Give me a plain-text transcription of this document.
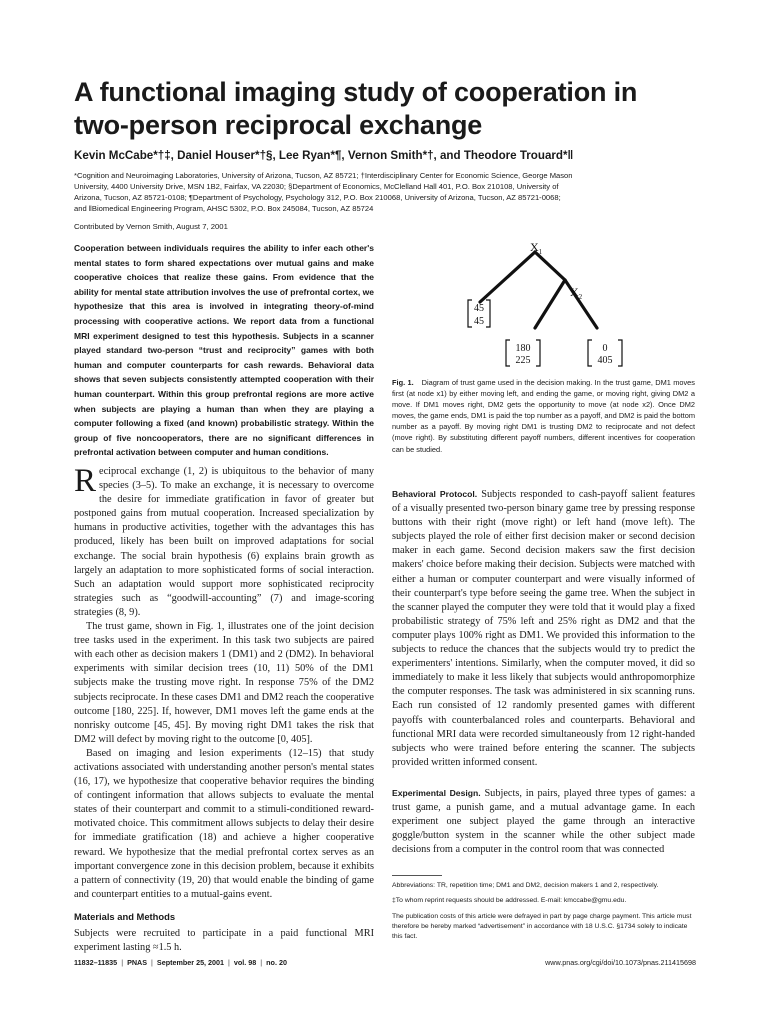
A functional imaging study of cooperation in two-person reciprocal exchange

Kevin McCabe*†‡, Daniel Houser*†§, Lee Ryan*¶, Vernon Smith*†, and Theodore Trouard*‖

*Cognition and Neuroimaging Laboratories, University of Arizona, Tucson, AZ 85721; †Interdisciplinary Center for Economic Science, George Mason

University, 4400 University Drive, MSN 1B2, Fairfax, VA 22030; §Department of Economics, McClelland Hall 401, P.O. Box 210108, University of

Arizona, Tucson, AZ 85721-0108; ¶Department of Psychology, Psychology 312, P.O. Box 210068, University of Arizona, Tucson, AZ 85721-0068;

and ‖Biomedical Engineering Program, AHSC 5302, P.O. Box 245084, Tucson, AZ 85724

Contributed by Vernon Smith, August 7, 2001

Cooperation between individuals requires the ability to infer each other's mental states to form shared expectations over mutual gains and make cooperative choices that realize these gains. From evidence that the ability for mental state attribution involves the use of prefrontal cortex, we hypothesize that this area is involved in integrating theory-of-mind processing with cooperative actions. We report data from a functional MRI experiment designed to test this hypothesis. Subjects in a scanner played standard two-person “trust and reciprocity” games with both human and computer counterparts for cash rewards. Behavioral data shows that seven subjects consistently attempted cooperation with their human counterpart. Within this group prefrontal regions are more active when subjects are playing a human than when they are playing a computer following a fixed (and known) probabilistic strategy. Within the group of five noncooperators, there are no significant differences in prefrontal activation between computer and human conditions.

$X_1$
$X_2$
45
45
180
225
0
405

Fig. 1. Diagram of trust game used in the decision making. In the trust game, DM1 moves first (at node x1) by either moving left, and ending the game, or moving right, giving DM2 a move. If DM1 moves right, DM2 gets the opportunity to move (at node x2). Once DM2 moves, the game ends, DM1 is paid the top number as a payoff, and DM2 is paid the bottom number as a payoff. By moving right DM1 is trusting DM2 to reciprocate and not defect (move right). By substituting different payoff numbers, different incentives for cooperation can be studied.

Reciprocal exchange (1, 2) is ubiquitous to the behavior of many species (3–5). To make an exchange, it is necessary to overcome the desire for immediate gratification in favor of greater but postponed gains from mutual cooperation. Increased specialization by humans in productive activities, together with the advantages this has produced, likely has been built on improved adaptations for social exchange. The social brain hypothesis (6) explains brain growth as largely an adaptation to more sophisticated forms of social interaction. Such an adaptation would support more sophisticated reciprocity strategies such as “goodwill-accounting” (7) and image-scoring strategies (8, 9).

The trust game, shown in Fig. 1, illustrates one of the joint decision tree tasks used in the experiment. In this task two subjects are paired with each other as decision makers 1 (DM1) and 2 (DM2). In behavioral experiments with similar decision trees (10, 11) 50% of the DM1 subjects make the trusting move right. In response 75% of the DM2 subjects reciprocate. In these cases DM1 and DM2 reach the cooperative outcome [180, 225]. If, however, DM1 moves left the game ends at the nonrisky outcome [45, 45]. By moving right DM1 takes the risk that DM2 will defect by moving right to the outcome [0, 405].

Based on imaging and lesion experiments (12–15) that study activations associated with understanding another person's mental states (16, 17), we hypothesize that cooperative behavior requires the binding of contingent information that allows subjects to evaluate the mental states of their counterpart and commit to a stimuli-conditioned reward-motivated choice. This commitment allows subjects to delay their desire for immediate gratification (18) and achieve a higher cooperative reward. We hypothesize that the medial prefrontal cortex serves as an important convergence zone in this decision problem, because it exhibits a pattern of connectivity (19, 20) that would enable the binding of game and counterpart entities to a mutual-gains event.

Materials and Methods

Subjects were recruited to participate in a paid functional MRI experiment lasting ≈1.5 h.

Behavioral Protocol. Subjects responded to cash-payoff salient features of a visually presented two-person binary game tree by pressing response buttons with their right (move right) or left hand (move left). The subjects played the role of either first decision maker or second decision maker in each game. Second decision makers saw the first decision makers' choice before making their decision. Subjects were matched with either a human or computer counterpart and were visually informed of their counterpart's type before seeing the game tree. When the subject in the scanner played the computer they were told that it would play a fixed probabilistic strategy of 75% left and 25% right as DM2 and that the computer plays 100% right as DM1. We provided this information to the subjects to reduce the chances that the subjects would try to predict the experimenters' intentions. Similarly, when the computer moved, it did so immediately to make it less likely that subjects would anthropomorphize the computer responses. The task was administered in six scanning runs. Each run consisted of 12 randomly presented games with different payoffs with counterbalanced roles and counterparts. Behavioral and functional MRI data were recorded simultaneously from 12 right-handed subjects who were trained before entering the scanner. The subjects provided written informed consent.

Experimental Design. Subjects, in pairs, played three types of games: a trust game, a punish game, and a mutual advantage game. In each experiment one subject played the game through an interactive goggle/button system in the scanner while the other subject made decisions from a computer in the control room that was connected

Abbreviations: TR, repetition time; DM1 and DM2, decision makers 1 and 2, respectively.

‡To whom reprint requests should be addressed. E-mail: kmccabe@gmu.edu.

The publication costs of this article were defrayed in part by page charge payment. This article must therefore be hereby marked “advertisement” in accordance with 18 U.S.C. §1734 solely to indicate this fact.

11832–11835 | PNAS | September 25, 2001 | vol. 98 | no. 20	www.pnas.org/cgi/doi/10.1073/pnas.211415698
